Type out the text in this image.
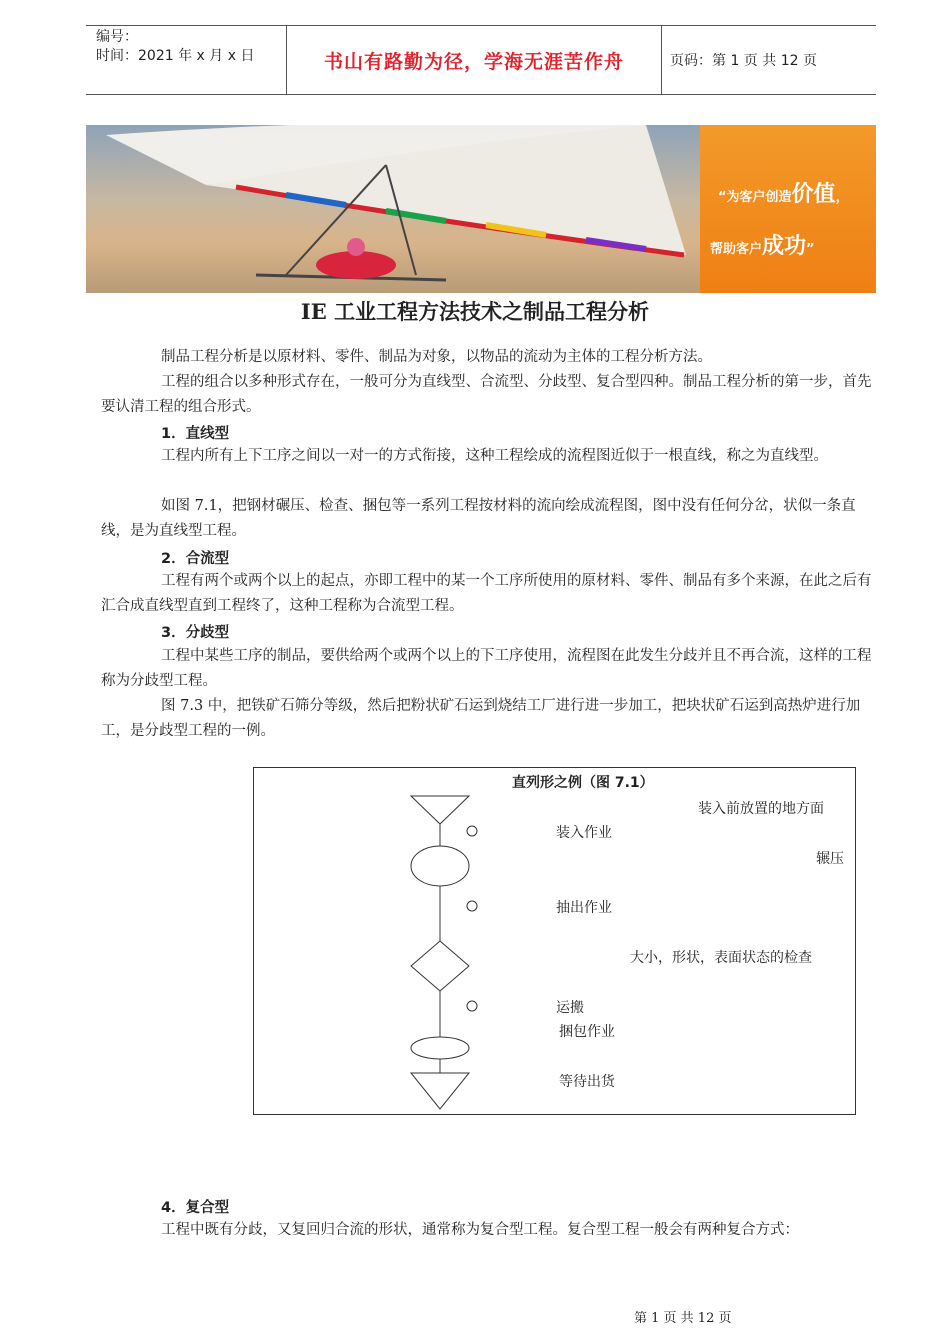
编号：
时间：2021 年 x 月 x 日	书山有路勤为径，学海无涯苦作舟	页码：第 1 页 共 12 页
“为客户创造价值，
帮助客户成功”
IE 工业工程方法技术之制品工程分析

制品工程分析是以原材料、零件、制品为对象，以物品的流动为主体的工程分析方法。

工程的组合以多种形式存在，一般可分为直线型、合流型、分歧型、复合型四种。制品工程分析的第一步，首先要认清工程的组合形式。

1．直线型

工程内所有上下工序之间以一对一的方式衔接，这种工程绘成的流程图近似于一根直线，称之为直线型。

如图 7.1，把钢材碾压、检查、捆包等一系列工程按材料的流向绘成流程图，图中没有任何分岔，状似一条直线，是为直线型工程。

2．合流型

工程有两个或两个以上的起点，亦即工程中的某一个工序所使用的原材料、零件、制品有多个来源，在此之后有汇合成直线型直到工程终了，这种工程称为合流型工程。

3．分歧型

工程中某些工序的制品，要供给两个或两个以上的下工序使用，流程图在此发生分歧并且不再合流，这样的工程称为分歧型工程。

图 7.3 中，把铁矿石筛分等级，然后把粉状矿石运到烧结工厂进行进一步加工，把块状矿石运到高热炉进行加工，是分歧型工程的一例。

直列形之例（图 7.1）
装入前放置的地方面
装入作业
辗压
抽出作业
大小，形状，表面状态的检查
运搬
捆包作业
等待出货
4．复合型

工程中既有分歧，又复回归合流的形状，通常称为复合型工程。复合型工程一般会有两种复合方式：

第 1 页 共 12 页
